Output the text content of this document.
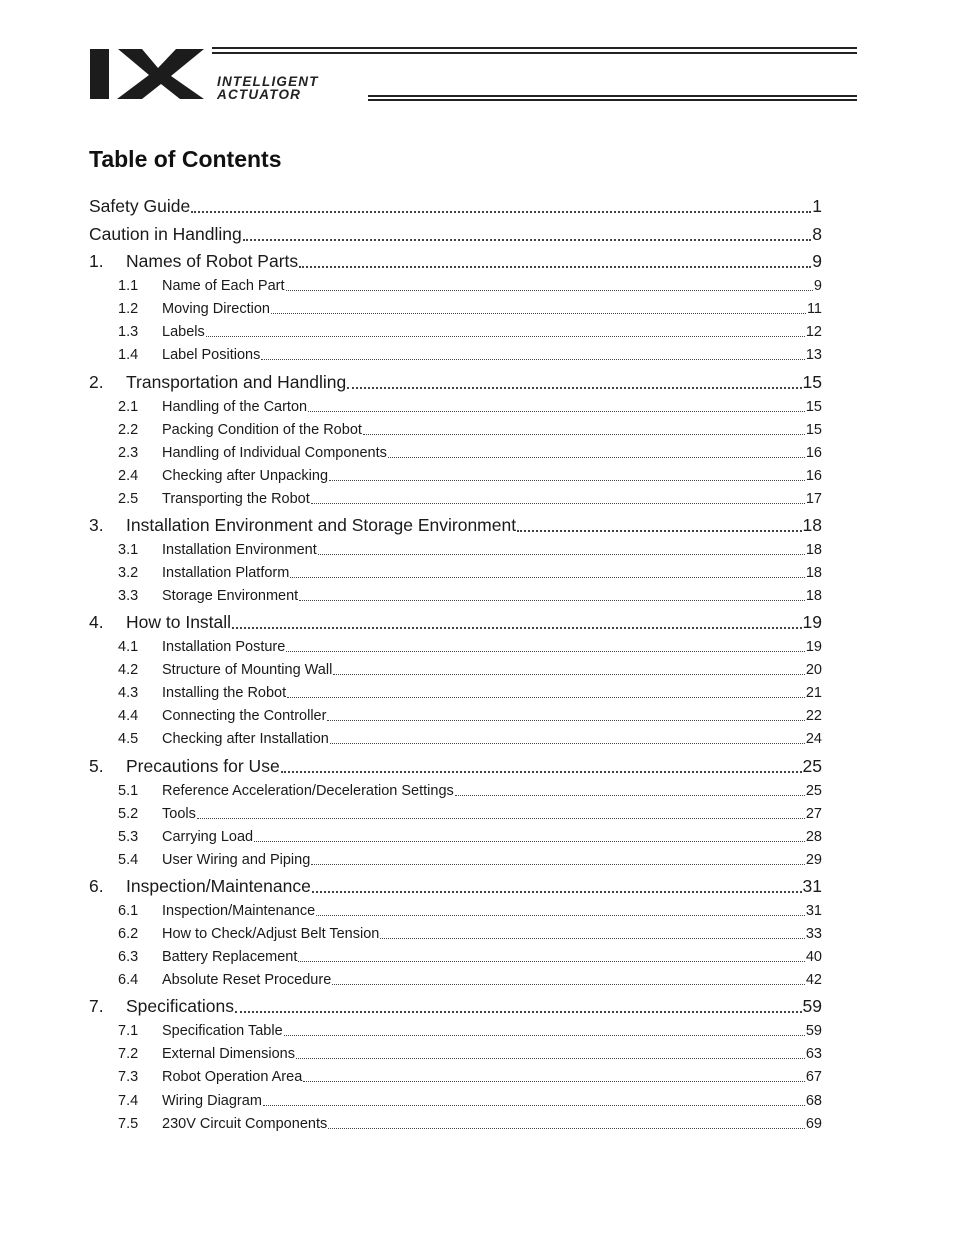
INTELLIGENT
ACTUATOR
Table of Contents
Safety Guide	1
Caution in Handling	8
1.	Names of Robot Parts	9
1.1	Name of Each Part	9
1.2	Moving Direction	11
1.3	Labels	12
1.4	Label Positions	13
2.	Transportation and Handling	15
2.1	Handling of the Carton	15
2.2	Packing Condition of the Robot	15
2.3	Handling of Individual Components	16
2.4	Checking after Unpacking	16
2.5	Transporting the Robot	17
3.	Installation Environment and Storage Environment	18
3.1	Installation Environment	18
3.2	Installation Platform	18
3.3	Storage Environment	18
4.	How to Install	19
4.1	Installation Posture	19
4.2	Structure of Mounting Wall	20
4.3	Installing the Robot	21
4.4	Connecting the Controller	22
4.5	Checking after Installation	24
5.	Precautions for Use	25
5.1	Reference Acceleration/Deceleration Settings	25
5.2	Tools	27
5.3	Carrying Load	28
5.4	User Wiring and Piping	29
6.	Inspection/Maintenance	31
6.1	Inspection/Maintenance	31
6.2	How to Check/Adjust Belt Tension	33
6.3	Battery Replacement	40
6.4	Absolute Reset Procedure	42
7.	Specifications	59
7.1	Specification Table	59
7.2	External Dimensions	63
7.3	Robot Operation Area	67
7.4	Wiring Diagram	68
7.5	230V Circuit Components	69
